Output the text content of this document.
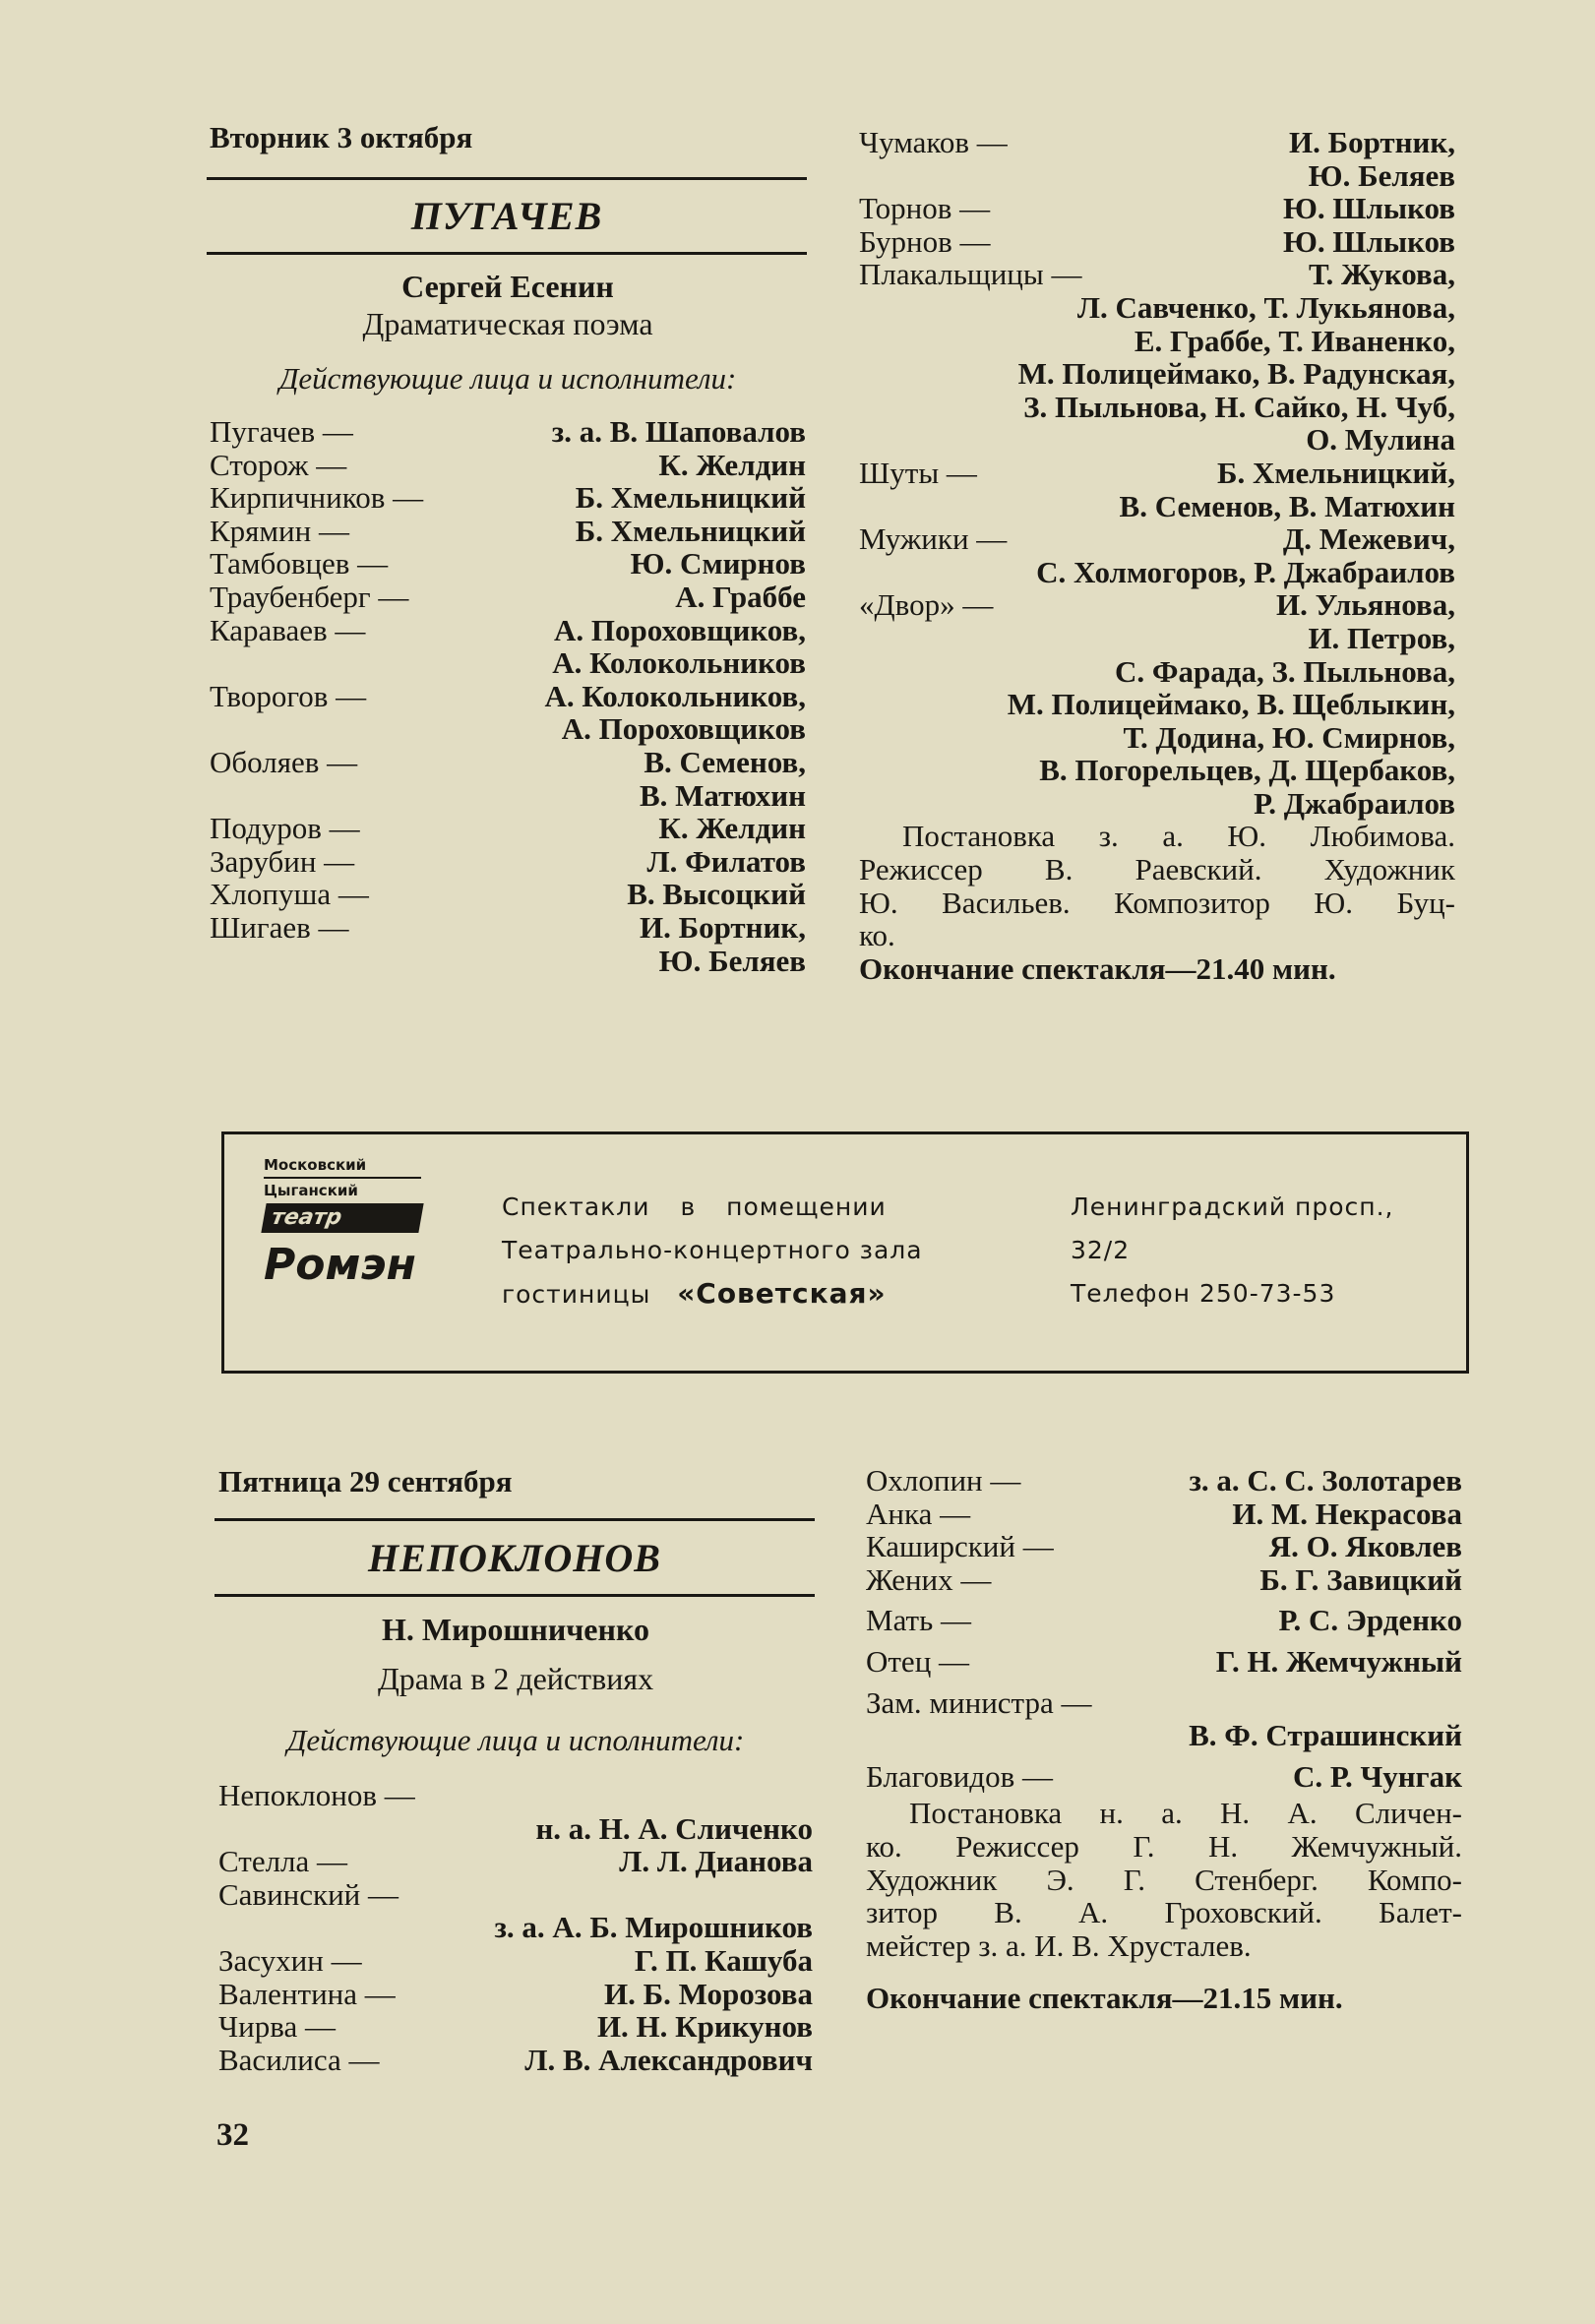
Вторник 3 октября
ПУГАЧЕВ
Сергей Есенин
Драматическая поэма
Действующие лица и исполнители:
Пугачев —	з. а. В. Шаповалов
Сторож —	К. Желдин
Кирпичников —	Б. Хмельницкий
Крямин —	Б. Хмельницкий
Тамбовцев —	Ю. Смирнов
Траубенберг —	А. Граббе
Караваев —	А. Пороховщиков,
А. Колокольников
Творогов —	А. Колокольников,
А. Пороховщиков
Оболяев —	В. Семенов,
В. Матюхин
Подуров —	К. Желдин
Зарубин —	Л. Филатов
Хлопуша —	В. Высоцкий
Шигаев —	И. Бортник,
Ю. Беляев
Чумаков —	И. Бортник,
Ю. Беляев
Торнов —	Ю. Шлыков
Бурнов —	Ю. Шлыков
Плакальщицы —	Т. Жукова,
Л. Савченко, Т. Лукьянова,
Е. Граббе, Т. Иваненко,
М. Полицеймако, В. Радунская,
З. Пыльнова, Н. Сайко, Н. Чуб,
О. Мулина
Шуты —	Б. Хмельницкий,
В. Семенов, В. Матюхин
Мужики —	Д. Межевич,
С. Холмогоров, Р. Джабраилов
«Двор» —	И. Ульянова,
И. Петров,
С. Фарада, З. Пыльнова,
М. Полицеймако, В. Щеблыкин,
Т. Додина, Ю. Смирнов,
В. Погорельцев, Д. Щербаков,
Р. Джабраилов
Постановка з. а. Ю. Любимова.
Режиссер В. Раевский. Художник
Ю. Васильев. Композитор Ю. Буц-
ко.
Окончание спектакля—21.40 мин.
Московский
Цыганский
театр
Ромэн
Спектакли в помещении
Театрально-концертного зала
гостиницы «Советская»
Ленинградский просп.,
32/2
Телефон 250-73-53
Пятница 29 сентября
НЕПОКЛОНОВ
Н. Мирошниченко
Драма в 2 действиях
Действующие лица и исполнители:
Непоклонов —
н. а. Н. А. Сличенко
Стелла —	Л. Л. Дианова
Савинский —
з. а. А. Б. Мирошников
Засухин —	Г. П. Кашуба
Валентина —	И. Б. Морозова
Чирва —	И. Н. Крикунов
Василиса —	Л. В. Александрович
Охлопин —	з. а. С. С. Золотарев
Анка —	И. М. Некрасова
Каширский —	Я. О. Яковлев
Жених —	Б. Г. Завицкий
Мать —	Р. С. Эрденко
Отец —	Г. Н. Жемчужный
Зам. министра —
В. Ф. Страшинский
Благовидов —	С. Р. Чунгак
Постановка н. а. Н. А. Сличен-
ко. Режиссер Г. Н. Жемчужный.
Художник Э. Г. Стенберг. Компо-
зитор В. А. Гроховский. Балет-
мейстер з. а. И. В. Хрусталев.
Окончание спектакля—21.15 мин.
32
